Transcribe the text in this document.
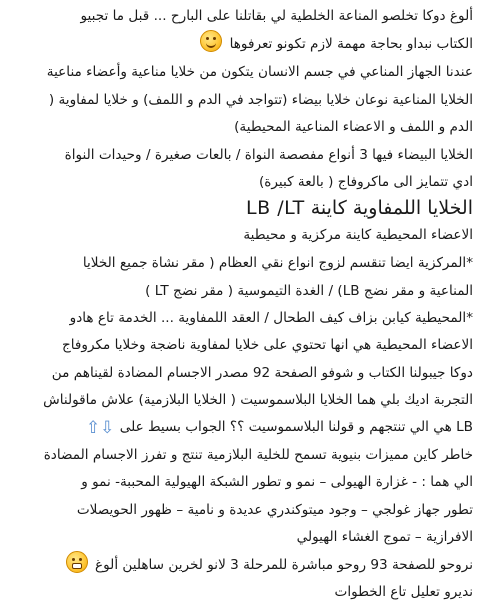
ألوغ دوكا تخلصو المناعة الخلطية لي بقاتلنا على البارح ... قبل ما تجبيو
الكتاب نبداو بحاجة مهمة لازم تكونو تعرفوها
عندنا الجهاز المناعي في جسم الانسان يتكون من خلايا مناعية وأعضاء مناعية
الخلايا المناعية نوعان خلايا بيضاء (تتواجد في الدم و اللمف) و خلايا لمفاوية (
الدم و اللمف و الاعضاء المناعية المحيطية)
الخلايا البيضاء فيها 3 أنواع مفصصة النواة / بالعات صغيرة / وحيدات النواة
ادي تتمايز الى ماكروفاج ( بالعة كبيرة)
الخلايا اللمفاوية كاينة LB /LT
الاعضاء المحيطية كاينة مركزية و محيطية
*المركزية ايضا تنقسم لزوج انواع نقي العظام ( مقر نشاة جميع الخلايا
المناعية و مقر نضج LB) / الغدة التيموسية ( مقر نضج LT )
*المحيطية كيابن بزاف كيف الطحال / العقد اللمفاوية ... الخدمة تاع هادو
الاعضاء المحيطية هي انها تحتوي على خلايا لمفاوية ناضجة وخلايا مكروفاج
دوكا جيبولنا الكتاب و شوفو الصفحة 92 مصدر الاجسام المضادة لقيناهم من
التجربة اديك بلي هما الخلايا البلاسموسيت ( الخلايا البلازمية) علاش ماقولناش
LB هي الي تنتجهم و قولنا البلاسموسيت ؟؟ الجواب بسيط على ⇩⇧
خاطر كاين مميزات بنيوية تسمح للخلية البلازمية تنتج و تفرز الاجسام المضادة
الي هما : - غزارة الهيولى – نمو و تطور الشبكة الهيولية المحببة- نمو و
تطور جهاز غولجي – وجود ميتوكندري عديدة و نامية – ظهور الحويصلات
الافرازية – تموج الغشاء الهيولي
نروحو للصفحة 93 روحو مباشرة للمرحلة 3 لانو لخرين ساهلين ألوغ
نديرو تعليل تاع الخطوات
